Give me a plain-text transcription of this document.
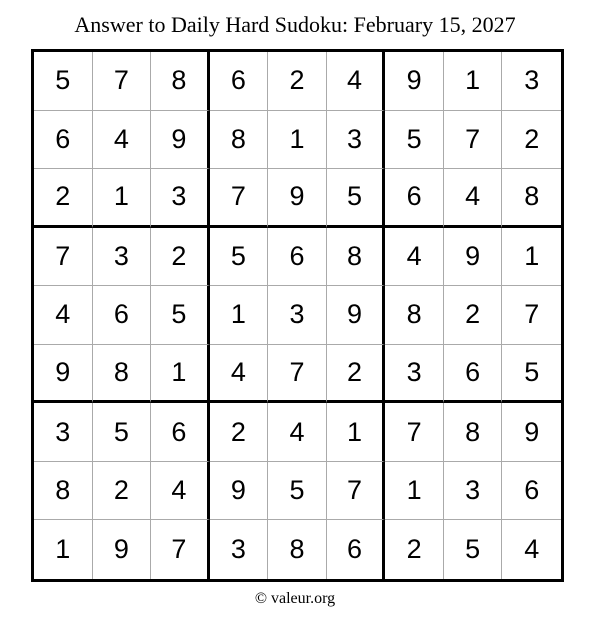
Answer to Daily Hard Sudoku: February 15, 2027
5	7	8	6	2	4	9	1	3
6	4	9	8	1	3	5	7	2
2	1	3	7	9	5	6	4	8
7	3	2	5	6	8	4	9	1
4	6	5	1	3	9	8	2	7
9	8	1	4	7	2	3	6	5
3	5	6	2	4	1	7	8	9
8	2	4	9	5	7	1	3	6
1	9	7	3	8	6	2	5	4
© valeur.org
